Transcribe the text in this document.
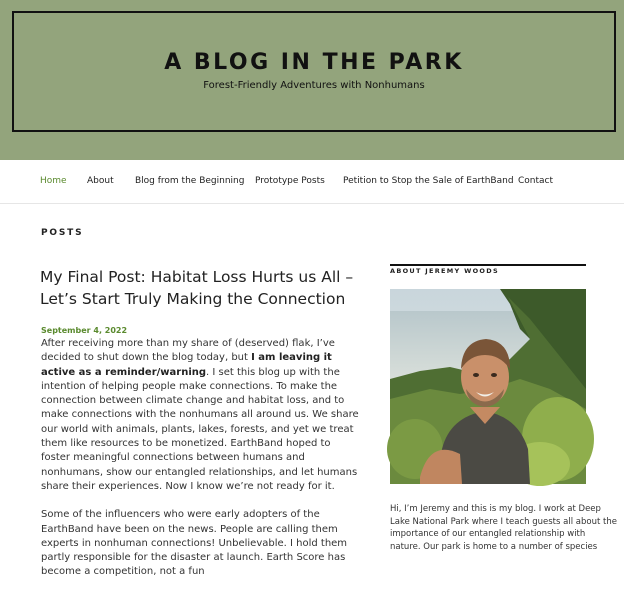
A BLOG IN THE PARK
Forest-Friendly Adventures with Nonhumans
Home About Blog from the Beginning Prototype Posts Petition to Stop the Sale of EarthBand Contact
POSTS
My Final Post: Habitat Loss Hurts us All – Let’s Start Truly Making the Connection
September 4, 2022

After receiving more than my share of (deserved) flak, I’ve decided to shut down the blog today, but I am leaving it active as a reminder/warning. I set this blog up with the intention of helping people make connections. To make the connection between climate change and habitat loss, and to make connections with the nonhumans all around us. We share our world with animals, plants, lakes, forests, and yet we treat them like resources to be monetized. EarthBand hoped to foster meaningful connections between humans and nonhumans, show our entangled relationships, and let humans share their experiences. Now I know we’re not ready for it.

Some of the influencers who were early adopters of the EarthBand have been on the news. People are calling them experts in nonhuman connections! Unbelievable. I hold them partly responsible for the disaster at launch. Earth Score has become a competition, not a fun

ABOUT JEREMY WOODS
Hi, I’m Jeremy and this is my blog. I work at Deep Lake National Park where I teach guests all about the importance of our entangled relationship with nature. Our park is home to a number of species
